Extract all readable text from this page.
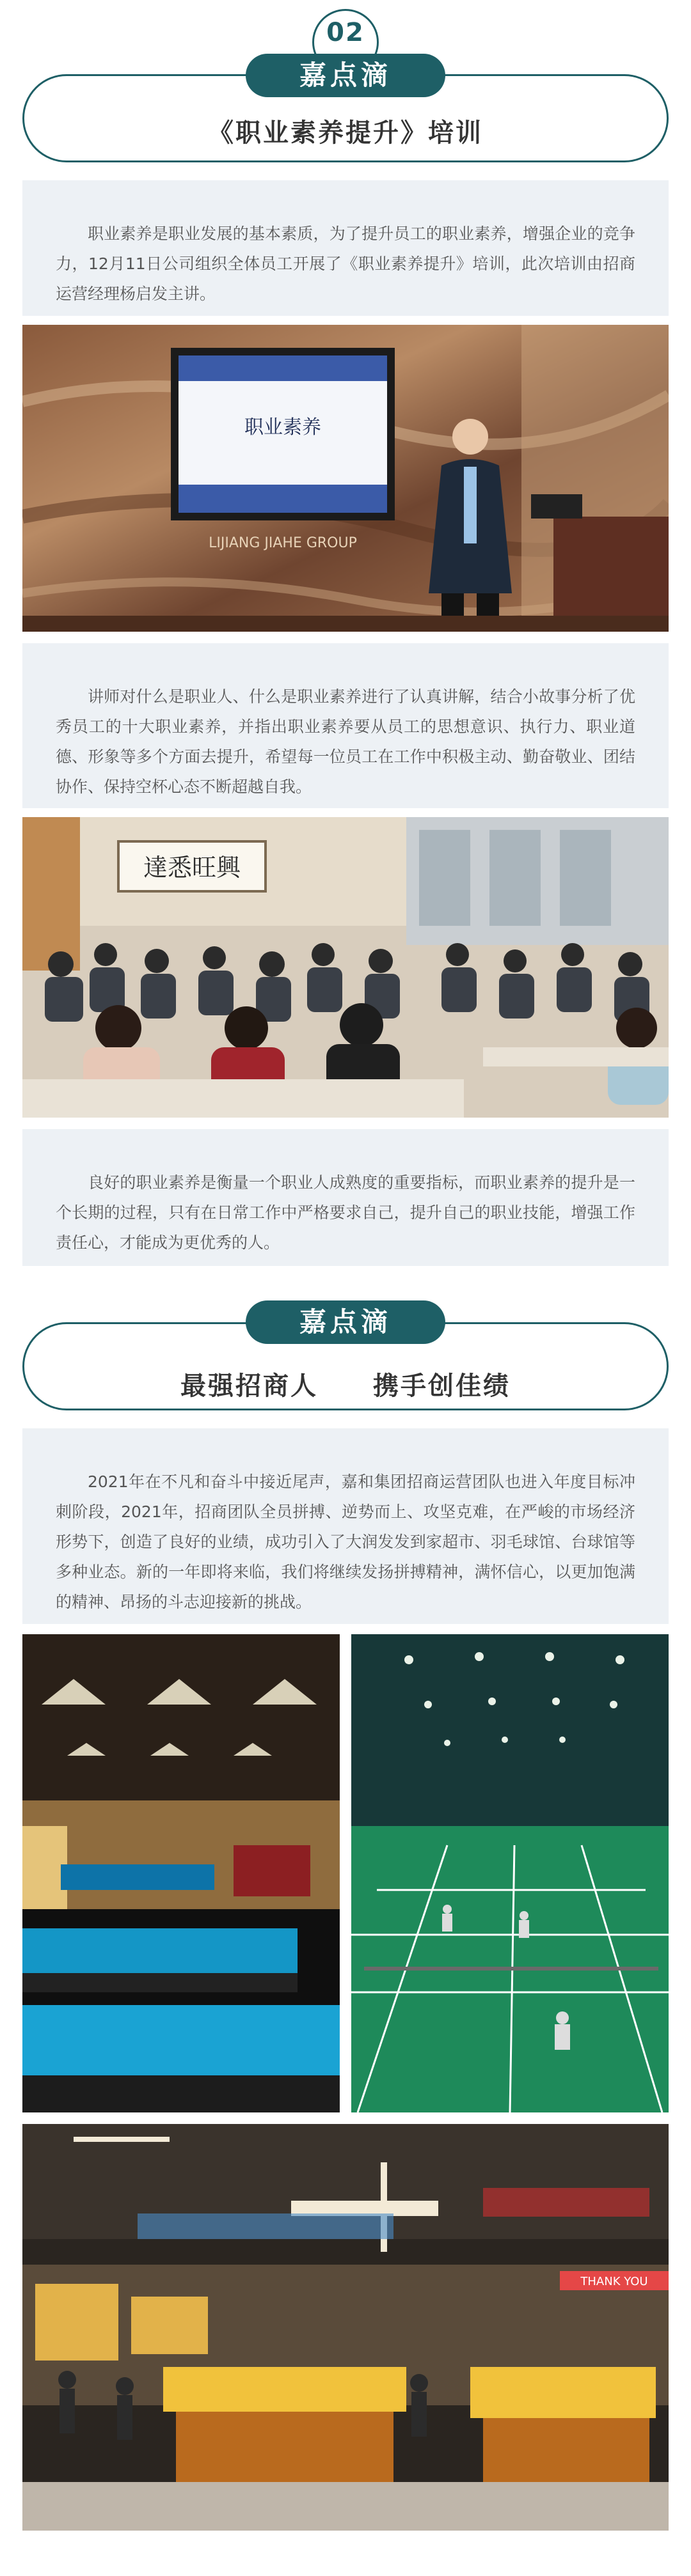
02
嘉点滴
《职业素养提升》培训

职业素养是职业发展的基本素质，为了提升员工的职业素养，增强企业的竞争力，12月11日公司组织全体员工开展了《职业素养提升》培训，此次培训由招商运营经理杨启发主讲。

职业素养
LIJIANG JIAHE GROUP

讲师对什么是职业人、什么是职业素养进行了认真讲解，结合小故事分析了优秀员工的十大职业素养，并指出职业素养要从员工的思想意识、执行力、职业道德、形象等多个方面去提升，希望每一位员工在工作中积极主动、勤奋敬业、团结协作、保持空杯心态不断超越自我。

達悉旺興

良好的职业素养是衡量一个职业人成熟度的重要指标，而职业素养的提升是一个长期的过程，只有在日常工作中严格要求自己，提升自己的职业技能，增强工作责任心，才能成为更优秀的人。

嘉点滴
最强招商人　　携手创佳绩

2021年在不凡和奋斗中接近尾声，嘉和集团招商运营团队也进入年度目标冲刺阶段，2021年，招商团队全员拼搏、逆势而上、攻坚克难，在严峻的市场经济形势下，创造了良好的业绩，成功引入了大润发发到家超市、羽毛球馆、台球馆等多种业态。新的一年即将来临，我们将继续发扬拼搏精神，满怀信心，以更加饱满的精神、昂扬的斗志迎接新的挑战。

THANK YOU
